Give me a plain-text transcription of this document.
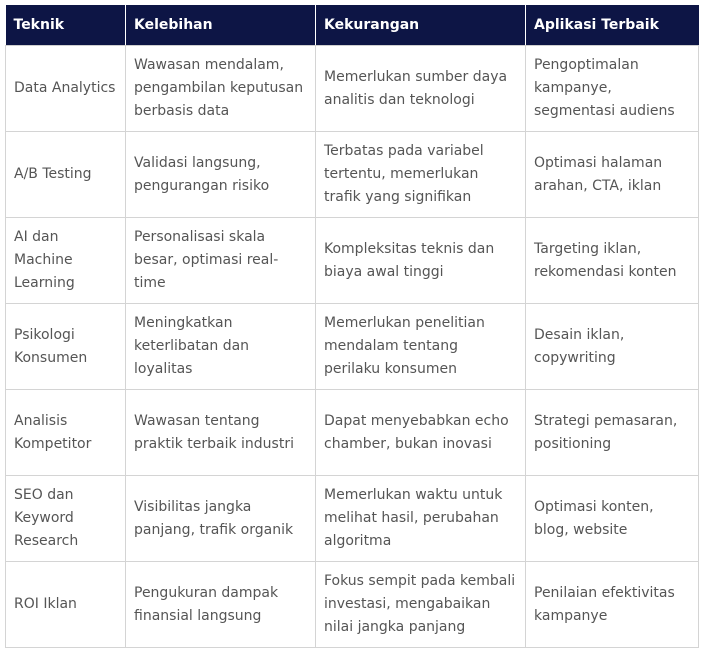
Teknik	Kelebihan	Kekurangan	Aplikasi Terbaik
Data Analytics	Wawasan mendalam, pengambilan keputusan berbasis data	Memerlukan sumber daya analitis dan teknologi	Pengoptimalan kampanye, segmentasi audiens
A/B Testing	Validasi langsung, pengurangan risiko	Terbatas pada variabel tertentu, memerlukan trafik yang signifikan	Optimasi halaman arahan, CTA, iklan
AI dan Machine Learning	Personalisasi skala besar, optimasi real-time	Kompleksitas teknis dan biaya awal tinggi	Targeting iklan, rekomendasi konten
Psikologi Konsumen	Meningkatkan keterlibatan dan loyalitas	Memerlukan penelitian mendalam tentang perilaku konsumen	Desain iklan, copywriting
Analisis Kompetitor	Wawasan tentang praktik terbaik industri	Dapat menyebabkan echo chamber, bukan inovasi	Strategi pemasaran, positioning
SEO dan Keyword Research	Visibilitas jangka panjang, trafik organik	Memerlukan waktu untuk melihat hasil, perubahan algoritma	Optimasi konten, blog, website
ROI Iklan	Pengukuran dampak finansial langsung	Fokus sempit pada kembali investasi, mengabaikan nilai jangka panjang	Penilaian efektivitas kampanye
